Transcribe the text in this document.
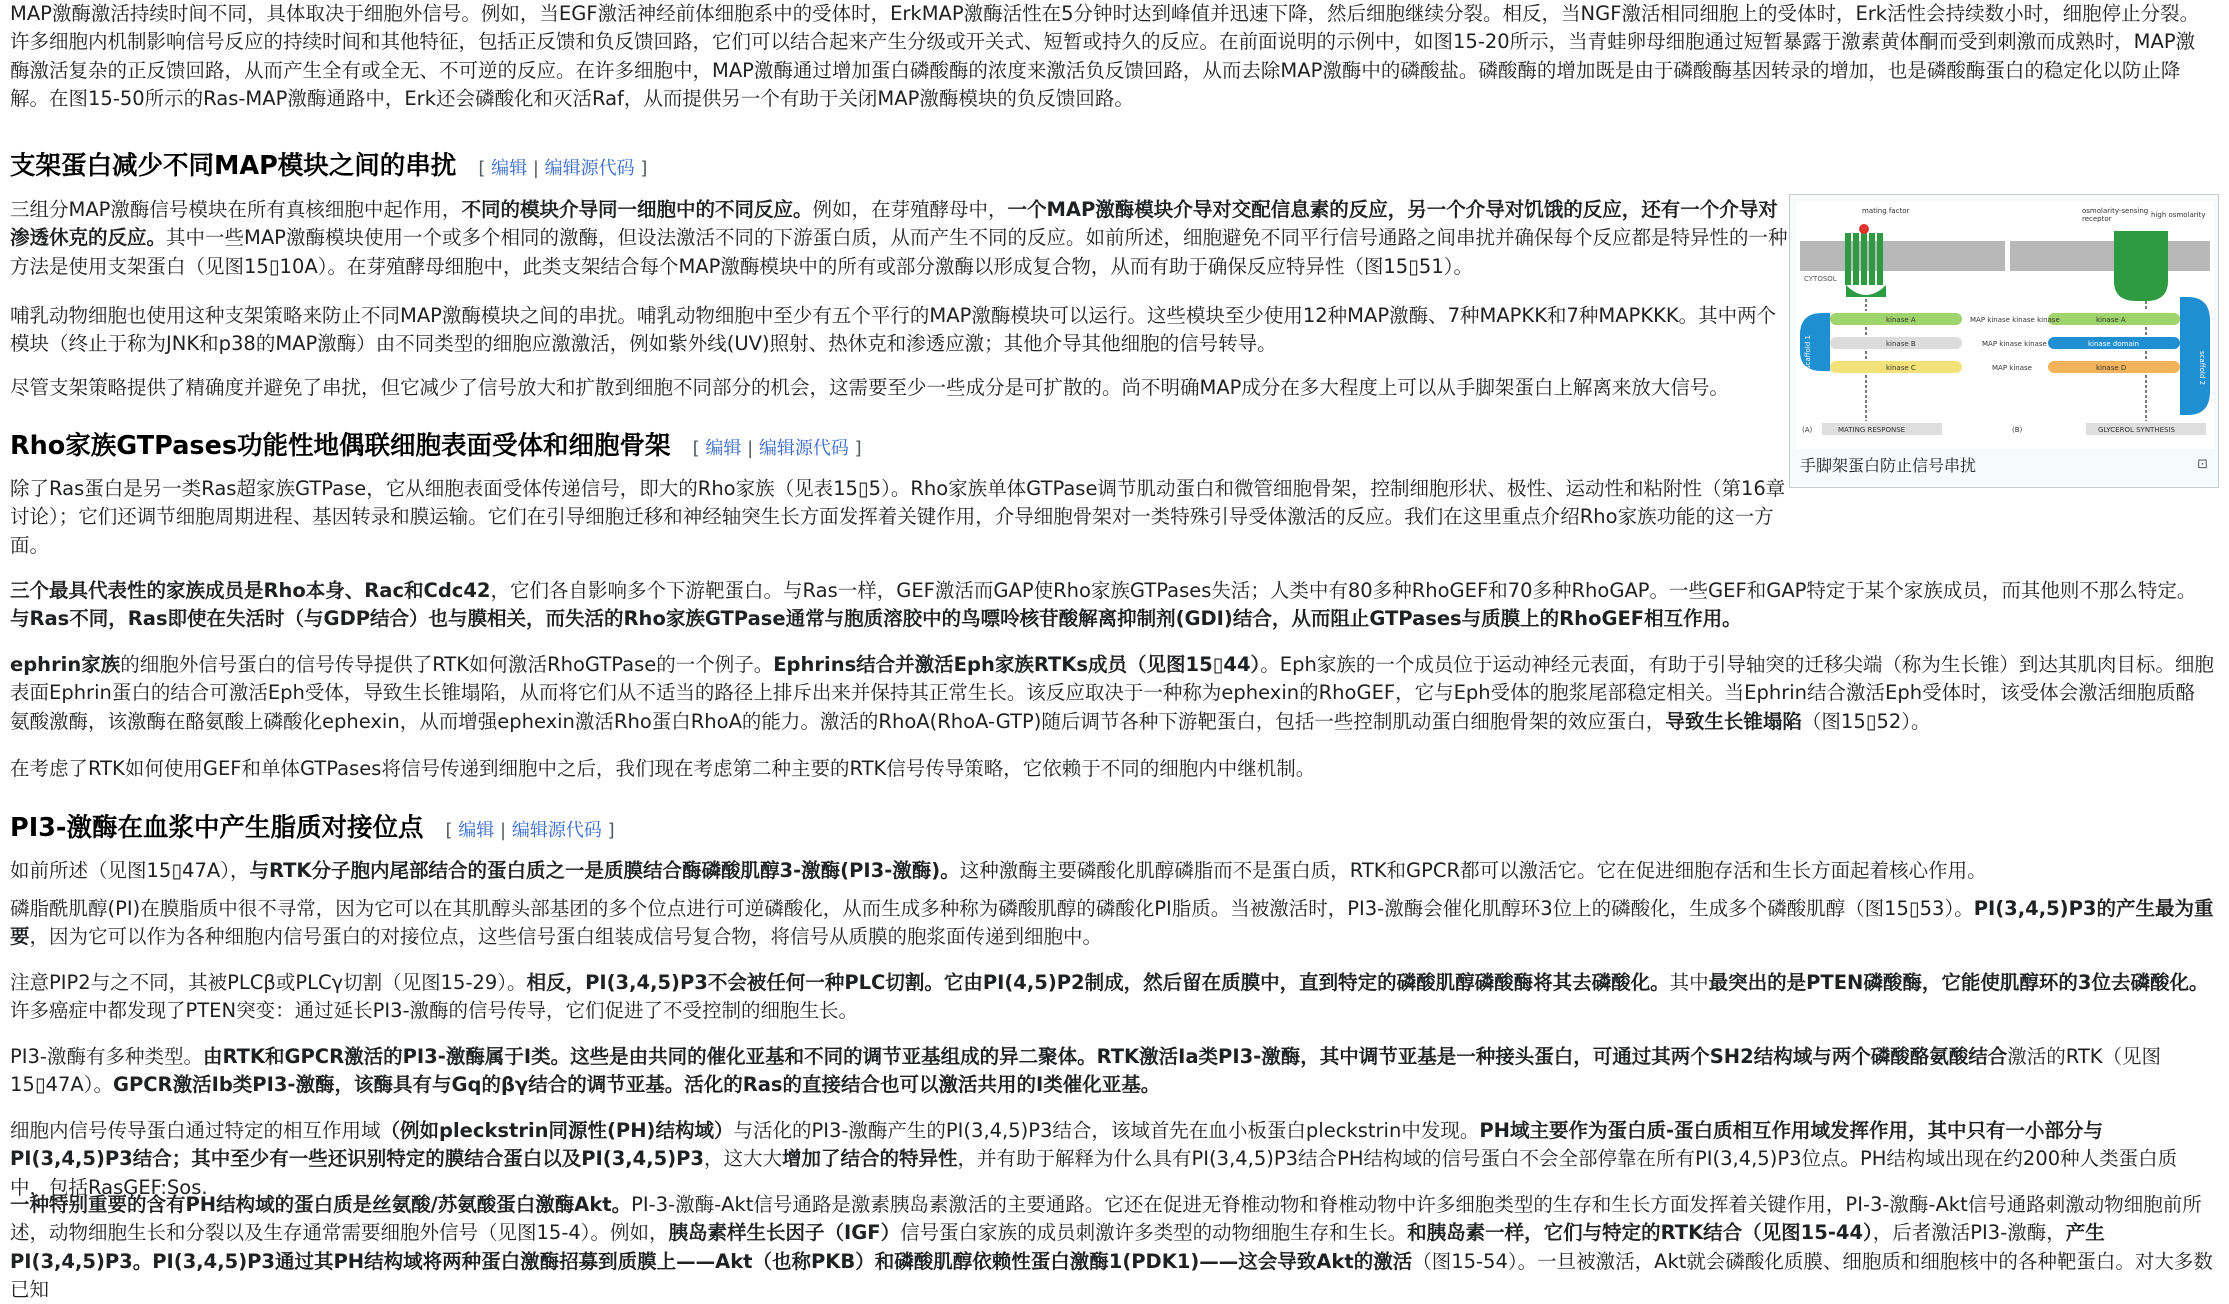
MAP激酶激活持续时间不同，具体取决于细胞外信号。例如，当EGF激活神经前体细胞系中的受体时，ErkMAP激酶活性在5分钟时达到峰值并迅速下降，然后细胞继续分裂。相反，当NGF激活相同细胞上的受体时，Erk活性会持续数小时，细胞停止分裂。许多细胞内机制影响信号反应的持续时间和其他特征，包括正反馈和负反馈回路，它们可以结合起来产生分级或开关式、短暂或持久的反应。在前面说明的示例中，如图15-20所示，当青蛙卵母细胞通过短暂暴露于激素黄体酮而受到刺激而成熟时，MAP激酶激活复杂的正反馈回路，从而产生全有或全无、不可逆的反应。在许多细胞中，MAP激酶通过增加蛋白磷酸酶的浓度来激活负反馈回路，从而去除MAP激酶中的磷酸盐。磷酸酶的增加既是由于磷酸酶基因转录的增加，也是磷酸酶蛋白的稳定化以防止降解。在图15-50所示的Ras-MAP激酶通路中，Erk还会磷酸化和灭活Raf，从而提供另一个有助于关闭MAP激酶模块的负反馈回路。

支架蛋白减少不同MAP模块之间的串扰 [ 编辑 | 编辑源代码 ]

三组分MAP激酶信号模块在所有真核细胞中起作用，不同的模块介导同一细胞中的不同反应。例如，在芽殖酵母中，一个MAP激酶模块介导对交配信息素的反应，另一个介导对饥饿的反应，还有一个介导对渗透休克的反应。其中一些MAP激酶模块使用一个或多个相同的激酶，但设法激活不同的下游蛋白质，从而产生不同的反应。如前所述，细胞避免不同平行信号通路之间串扰并确保每个反应都是特异性的一种方法是使用支架蛋白（见图15▯10A）。在芽殖酵母细胞中，此类支架结合每个MAP激酶模块中的所有或部分激酶以形成复合物，从而有助于确保反应特异性（图15▯51）。

哺乳动物细胞也使用这种支架策略来防止不同MAP激酶模块之间的串扰。哺乳动物细胞中至少有五个平行的MAP激酶模块可以运行。这些模块至少使用12种MAP激酶、7种MAPKK和7种MAPKKK。其中两个模块（终止于称为JNK和p38的MAP激酶）由不同类型的细胞应激激活，例如紫外线(UV)照射、热休克和渗透应激；其他介导其他细胞的信号转导。

尽管支架策略提供了精确度并避免了串扰，但它减少了信号放大和扩散到细胞不同部分的机会，这需要至少一些成分是可扩散的。尚不明确MAP成分在多大程度上可以从手脚架蛋白上解离来放大信号。

Rho家族GTPases功能性地偶联细胞表面受体和细胞骨架 [ 编辑 | 编辑源代码 ]

除了Ras蛋白是另一类Ras超家族GTPase，它从细胞表面受体传递信号，即大的Rho家族（见表15▯5）。Rho家族单体GTPase调节肌动蛋白和微管细胞骨架，控制细胞形状、极性、运动性和粘附性（第16章讨论）；它们还调节细胞周期进程、基因转录和膜运输。它们在引导细胞迁移和神经轴突生长方面发挥着关键作用，介导细胞骨架对一类特殊引导受体激活的反应。我们在这里重点介绍Rho家族功能的这一方面。

三个最具代表性的家族成员是Rho本身、Rac和Cdc42，它们各自影响多个下游靶蛋白。与Ras一样，GEF激活而GAP使Rho家族GTPases失活；人类中有80多种RhoGEF和70多种RhoGAP。一些GEF和GAP特定于某个家族成员，而其他则不那么特定。与Ras不同，Ras即使在失活时（与GDP结合）也与膜相关，而失活的Rho家族GTPase通常与胞质溶胶中的鸟嘌呤核苷酸解离抑制剂(GDI)结合，从而阻止GTPases与质膜上的RhoGEF相互作用。

ephrin家族的细胞外信号蛋白的信号传导提供了RTK如何激活RhoGTPase的一个例子。Ephrins结合并激活Eph家族RTKs成员（见图15▯44）。Eph家族的一个成员位于运动神经元表面，有助于引导轴突的迁移尖端（称为生长锥）到达其肌肉目标。细胞表面Ephrin蛋白的结合可激活Eph受体，导致生长锥塌陷，从而将它们从不适当的路径上排斥出来并保持其正常生长。该反应取决于一种称为ephexin的RhoGEF，它与Eph受体的胞浆尾部稳定相关。当Ephrin结合激活Eph受体时，该受体会激活细胞质酪氨酸激酶，该激酶在酪氨酸上磷酸化ephexin，从而增强ephexin激活Rho蛋白RhoA的能力。激活的RhoA(RhoA-GTP)随后调节各种下游靶蛋白，包括一些控制肌动蛋白细胞骨架的效应蛋白，导致生长锥塌陷（图15▯52）。

在考虑了RTK如何使用GEF和单体GTPases将信号传递到细胞中之后，我们现在考虑第二种主要的RTK信号传导策略，它依赖于不同的细胞内中继机制。

PI3-激酶在血浆中产生脂质对接位点 [ 编辑 | 编辑源代码 ]

如前所述（见图15▯47A），与RTK分子胞内尾部结合的蛋白质之一是质膜结合酶磷酸肌醇3-激酶(PI3-激酶)。这种激酶主要磷酸化肌醇磷脂而不是蛋白质，RTK和GPCR都可以激活它。它在促进细胞存活和生长方面起着核心作用。

磷脂酰肌醇(PI)在膜脂质中很不寻常，因为它可以在其肌醇头部基团的多个位点进行可逆磷酸化，从而生成多种称为磷酸肌醇的磷酸化PI脂质。当被激活时，PI3-激酶会催化肌醇环3位上的磷酸化，生成多个磷酸肌醇（图15▯53）。PI(3,4,5)P3的产生最为重要，因为它可以作为各种细胞内信号蛋白的对接位点，这些信号蛋白组装成信号复合物，将信号从质膜的胞浆面传递到细胞中。

注意PIP2与之不同，其被PLCβ或PLCγ切割（见图15-29）。相反，PI(3,4,5)P3不会被任何一种PLC切割。它由PI(4,5)P2制成，然后留在质膜中，直到特定的磷酸肌醇磷酸酶将其去磷酸化。其中最突出的是PTEN磷酸酶，它能使肌醇环的3位去磷酸化。许多癌症中都发现了PTEN突变：通过延长PI3-激酶的信号传导，它们促进了不受控制的细胞生长。

PI3-激酶有多种类型。由RTK和GPCR激活的PI3-激酶属于I类。这些是由共同的催化亚基和不同的调节亚基组成的异二聚体。RTK激活Ia类PI3-激酶，其中调节亚基是一种接头蛋白，可通过其两个SH2结构域与两个磷酸酪氨酸结合激活的RTK（见图15▯47A）。GPCR激活Ib类PI3-激酶，该酶具有与Gq的βγ结合的调节亚基。活化的Ras的直接结合也可以激活共用的I类催化亚基。

细胞内信号传导蛋白通过特定的相互作用域（例如pleckstrin同源性(PH)结构域）与活化的PI3-激酶产生的PI(3,4,5)P3结合，该域首先在血小板蛋白pleckstrin中发现。PH域主要作为蛋白质-蛋白质相互作用域发挥作用，其中只有一小部分与PI(3,4,5)P3结合；其中至少有一些还识别特定的膜结合蛋白以及PI(3,4,5)P3，这大大增加了结合的特异性，并有助于解释为什么具有PI(3,4,5)P3结合PH结构域的信号蛋白不会全部停靠在所有PI(3,4,5)P3位点。PH结构域出现在约200种人类蛋白质中，包括RasGEF:Sos.

一种特别重要的含有PH结构域的蛋白质是丝氨酸/苏氨酸蛋白激酶Akt。PI-3-激酶-Akt信号通路是激素胰岛素激活的主要通路。它还在促进无脊椎动物和脊椎动物中许多细胞类型的生存和生长方面发挥着关键作用，PI-3-激酶-Akt信号通路刺激动物细胞前所述，动物细胞生长和分裂以及生存通常需要细胞外信号（见图15-4）。例如，胰岛素样生长因子（IGF）信号蛋白家族的成员刺激许多类型的动物细胞生存和生长。和胰岛素一样，它们与特定的RTK结合（见图15-44），后者激活PI3-激酶，产生PI(3,4,5)P3。PI(3,4,5)P3通过其PH结构域将两种蛋白激酶招募到质膜上——Akt（也称PKB）和磷酸肌醇依赖性蛋白激酶1(PDK1)——这会导致Akt的激活（图15-54）。一旦被激活，Akt就会磷酸化质膜、细胞质和细胞核中的各种靶蛋白。对大多数已知

mating factor
CYTOSOL
scaffold 1
kinase A
kinase B
kinase C
osmolarity-sensing
receptor	high osmolarity
scaffold 2
kinase A
kinase domain
kinase D
MAP kinase kinase kinase
MAP kinase kinase
MAP kinase
MATING RESPONSE	GLYCEROL SYNTHESIS
(A)	(B)
手脚架蛋白防止信号串扰	⊡
